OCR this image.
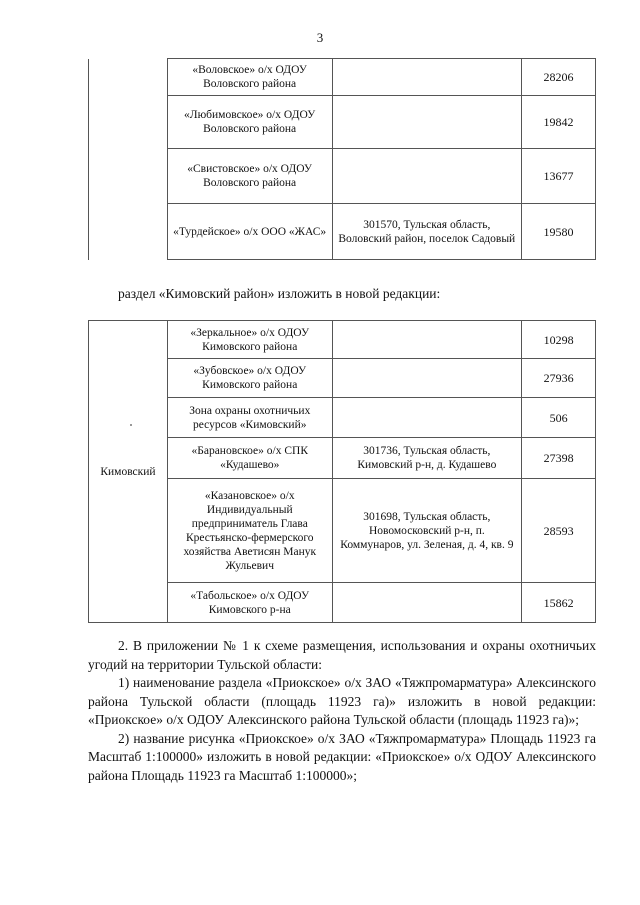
3
	«Воловское» о/х ОДОУ Воловского района		28206
	«Любимовское» о/х ОДОУ Воловского района		19842
	«Свистовское» о/х ОДОУ Воловского района		13677
	«Турдейское» о/х ООО «ЖАС»	301570, Тульская область, Воловский район, поселок Садовый	19580
раздел «Кимовский район» изложить в новой редакции:
Кимовский	«Зеркальное» о/х ОДОУ Кимовского района		10298
	«Зубовское» о/х ОДОУ Кимовского района		27936
	Зона охраны охотничьих ресурсов «Кимовский»		506
	«Барановское» о/х СПК «Кудашево»	301736, Тульская область, Кимовский р-н, д. Кудашево	27398
	«Казановское» о/х Индивидуальный предприниматель Глава Крестьянско-фермерского хозяйства Аветисян Манук Жульевич	301698, Тульская область, Новомосковский р-н, п. Коммунаров, ул. Зеленая, д. 4, кв. 9	28593
	«Табольское» о/х ОДОУ Кимовского р-на		15862

2. В приложении № 1 к схеме размещения, использования и охраны охотничьих угодий на территории Тульской области:

1) наименование раздела «Приокское» о/х ЗАО «Тяжпромарматура» Алексинского района Тульской области (площадь 11923 га)» изложить в новой редакции: «Приокское» о/х ОДОУ Алексинского района Тульской области (площадь 11923 га)»;

2) название рисунка «Приокское» о/х ЗАО «Тяжпромарматура» Площадь 11923 га Масштаб 1:100000» изложить в новой редакции: «Приокское» о/х ОДОУ Алексинского района Площадь 11923 га Масштаб 1:100000»;
